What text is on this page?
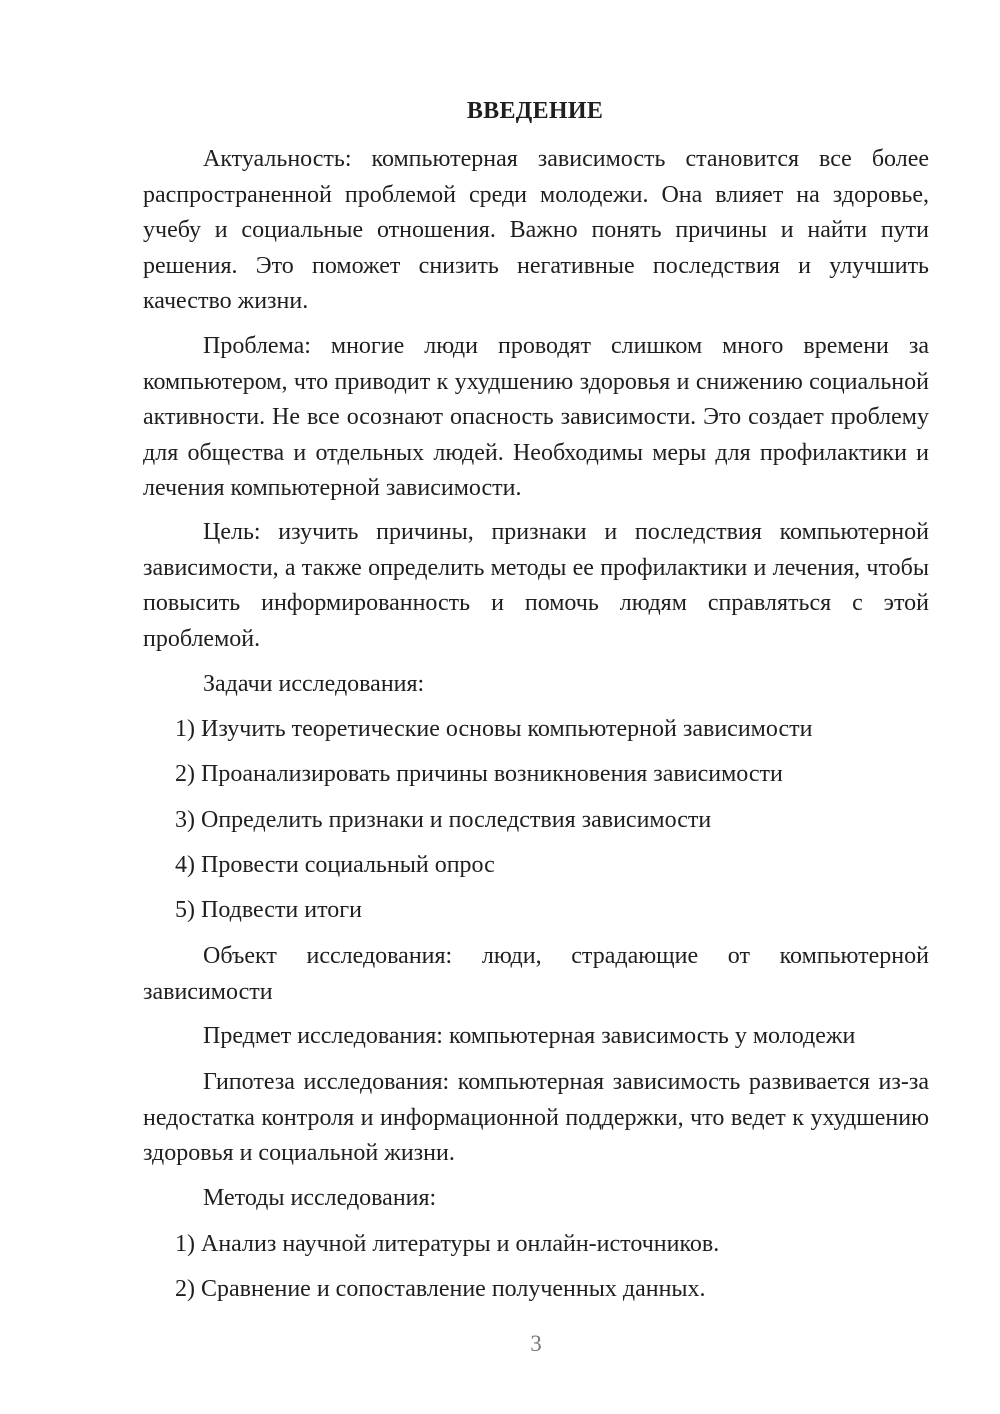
ВВЕДЕНИЕ

Актуальность: компьютерная зависимость становится все более распространенной проблемой среди молодежи. Она влияет на здоровье, учебу и социальные отношения. Важно понять причины и найти пути решения. Это поможет снизить негативные последствия и улучшить качество жизни.

Проблема: многие люди проводят слишком много времени за компьютером, что приводит к ухудшению здоровья и снижению социальной активности. Не все осознают опасность зависимости. Это создает проблему для общества и отдельных людей. Необходимы меры для профилактики и лечения компьютерной зависимости.

Цель: изучить причины, признаки и последствия компьютерной зависимости, а также определить методы ее профилактики и лечения, чтобы повысить информированность и помочь людям справляться с этой проблемой.

Задачи исследования:
1) Изучить теоретические основы компьютерной зависимости
2) Проанализировать причины возникновения зависимости
3) Определить признаки и последствия зависимости
4) Провести социальный опрос
5) Подвести итоги

Объект исследования: люди, страдающие от компьютерной зависимости

Предмет исследования: компьютерная зависимость у молодежи

Гипотеза исследования: компьютерная зависимость развивается из-за недостатка контроля и информационной поддержки, что ведет к ухудшению здоровья и социальной жизни.

Методы исследования:
1) Анализ научной литературы и онлайн-источников.
2) Сравнение и сопоставление полученных данных.
3
